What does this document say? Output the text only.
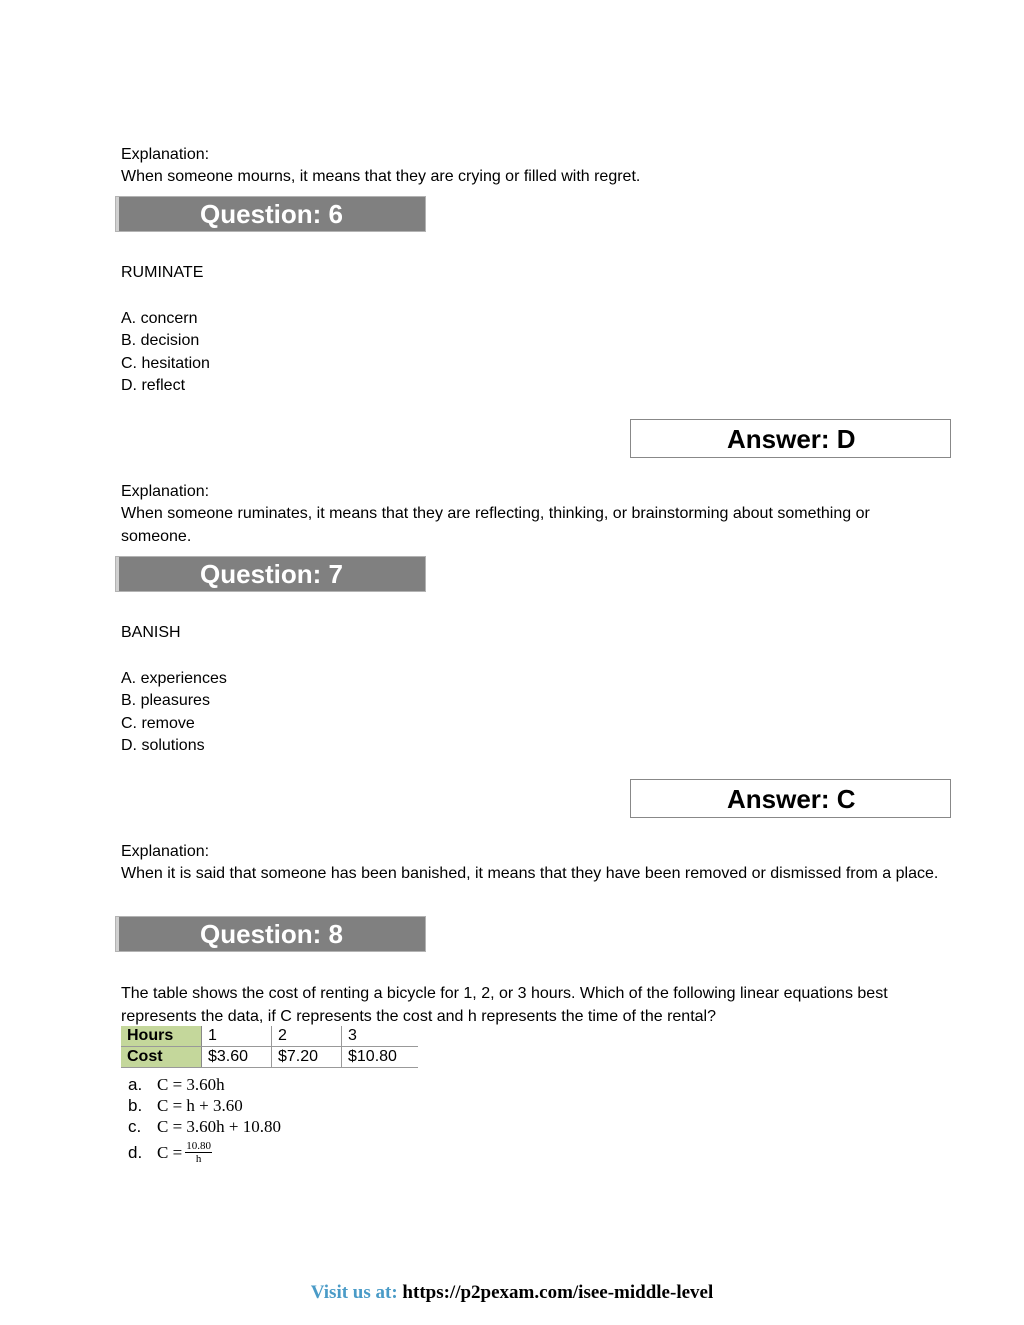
Explanation:
When someone mourns, it means that they are crying or filled with regret.
Question: 6
RUMINATE
A. concern
B. decision
C. hesitation
D. reflect
Answer: D
Explanation:
When someone ruminates, it means that they are reflecting, thinking, or brainstorming about something or someone.
Question: 7
BANISH
A. experiences
B. pleasures
C. remove
D. solutions
Answer: C
Explanation:
When it is said that someone has been banished, it means that they have been removed or dismissed from a place.
Question: 8
The table shows the cost of renting a bicycle for 1, 2, or 3 hours. Which of the following linear equations best represents the data, if C represents the cost and h represents the time of the rental?
Hours	1	2	3
Cost	$3.60	$7.20	$10.80
a. C = 3.60h
b. C = h + 3.60
c. C = 3.60h + 10.80
d. $C = \frac{10.80}{h}$
Visit us at: https://p2pexam.com/isee-middle-level
